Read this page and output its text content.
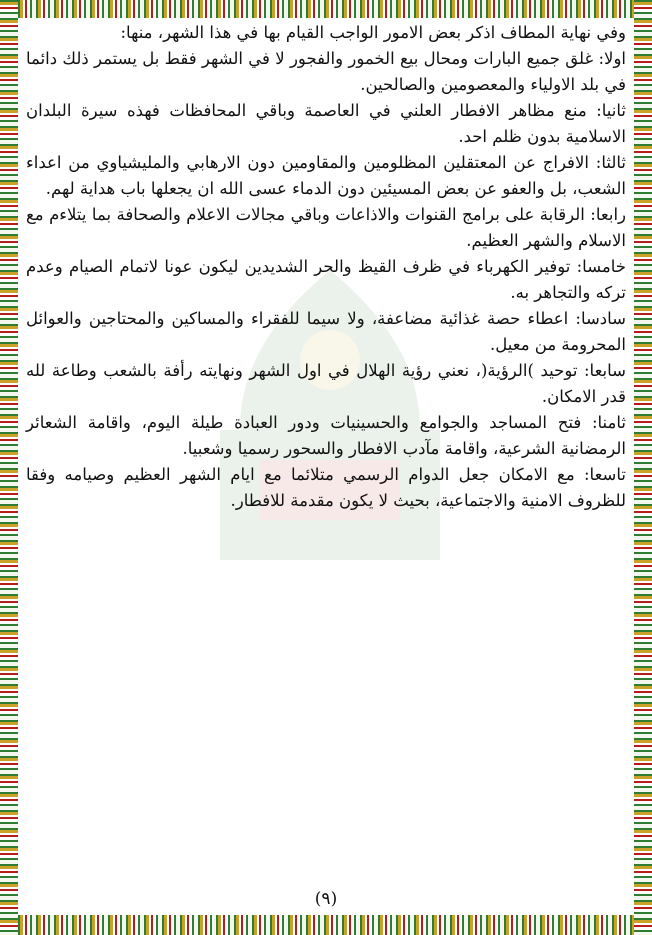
وفي نهاية المطاف اذكر بعض الامور الواجب القيام بها في هذا الشهر، منها:

اولا: غلق جميع البارات ومحال بيع الخمور والفجور لا في الشهر فقط بل يستمر ذلك دائما في بلد الاولياء والمعصومين والصالحين.

ثانيا: منع مظاهر الافطار العلني في العاصمة وباقي المحافظات فهذه سيرة البلدان الاسلامية بدون ظلم احد.

ثالثا: الافراج عن المعتقلين المظلومين والمقاومين دون الارهابي والمليشياوي من اعداء الشعب، بل والعفو عن بعض المسيئين دون الدماء عسى الله ان يجعلها باب هداية لهم.

رابعا: الرقابة على برامج القنوات والاذاعات وباقي مجالات الاعلام والصحافة بما يتلاءم مع الاسلام والشهر العظيم.

خامسا: توفير الكهرباء في ظرف القيظ والحر الشديدين ليكون عونا لاتمام الصيام وعدم تركه والتجاهر به.

سادسا: اعطاء حصة غذائية مضاعفة، ولا سيما للفقراء والمساكين والمحتاجين والعوائل المحرومة من معيل.

سابعا: توحيد )الرؤية(، نعني رؤية الهلال في اول الشهر ونهايته رأفة بالشعب وطاعة لله قدر الامكان.

ثامنا: فتح المساجد والجوامع والحسينيات ودور العبادة طيلة اليوم، واقامة الشعائر الرمضانية الشرعية، واقامة مآدب الافطار والسحور رسميا وشعبيا.

تاسعا: مع الامكان جعل الدوام الرسمي متلائما مع ايام الشهر العظيم وصيامه وفقا للظروف الامنية والاجتماعية، بحيث لا يكون مقدمة للافطار.

(٩)
